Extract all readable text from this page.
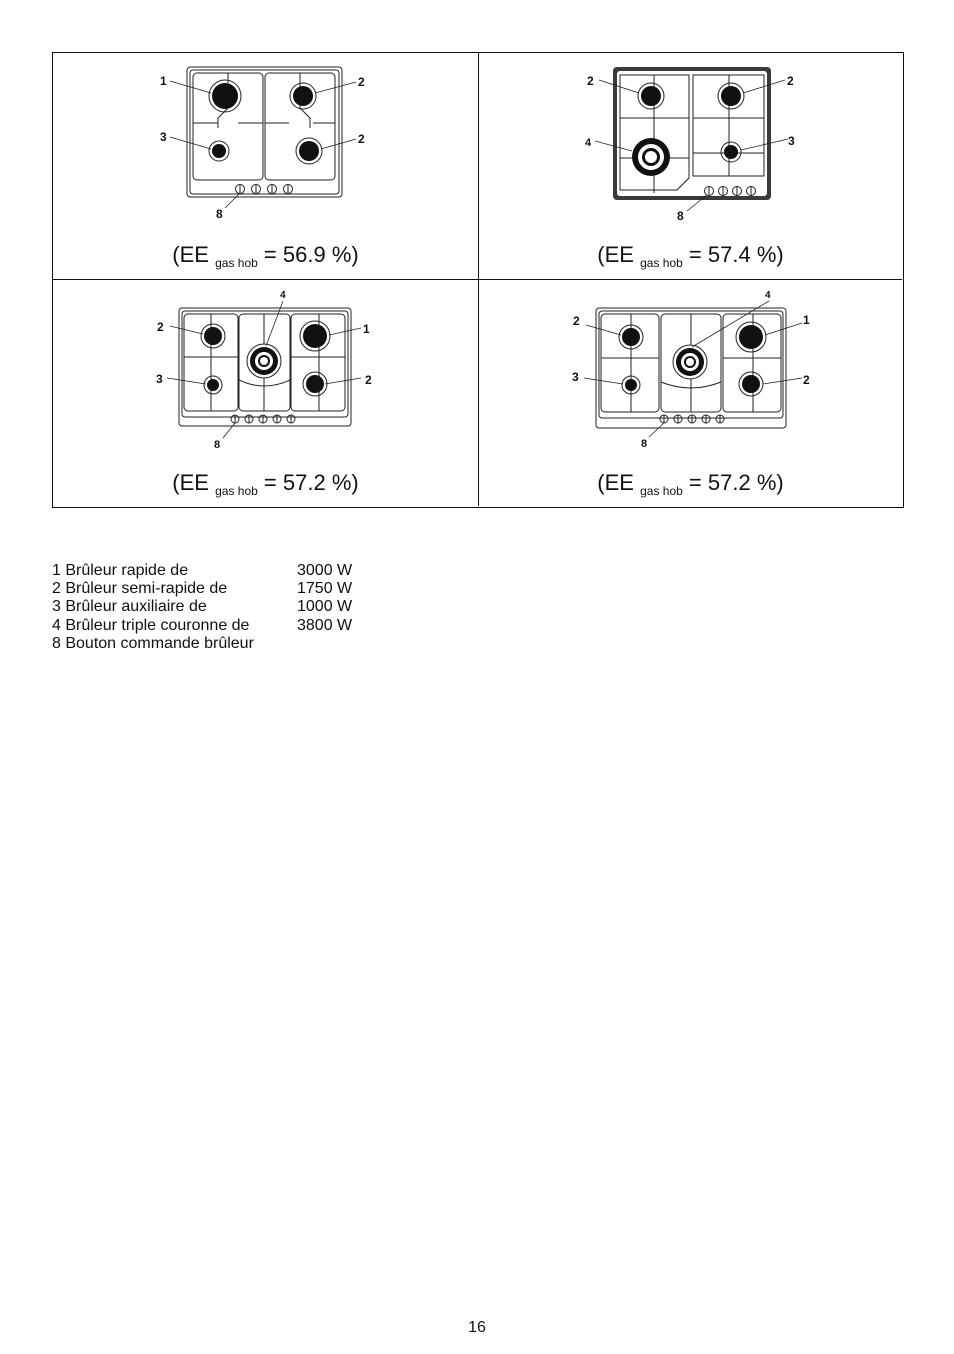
1	2
3	2
8
(EE $_{gas hob}$ = 56.9 %)
2	2
4	3
8
(EE $_{gas hob}$ = 57.4 %)
4
2	1
3	2
8
(EE $_{gas hob}$ = 57.2 %)
4
2	1
3	2
8
(EE $_{gas hob}$ = 57.2 %)
1 Brûleur rapide de	3000 W
2 Brûleur semi-rapide de	1750 W
3 Brûleur auxiliaire de	1000 W
4 Brûleur triple couronne de	3800 W
8 Bouton commande brûleur
16
